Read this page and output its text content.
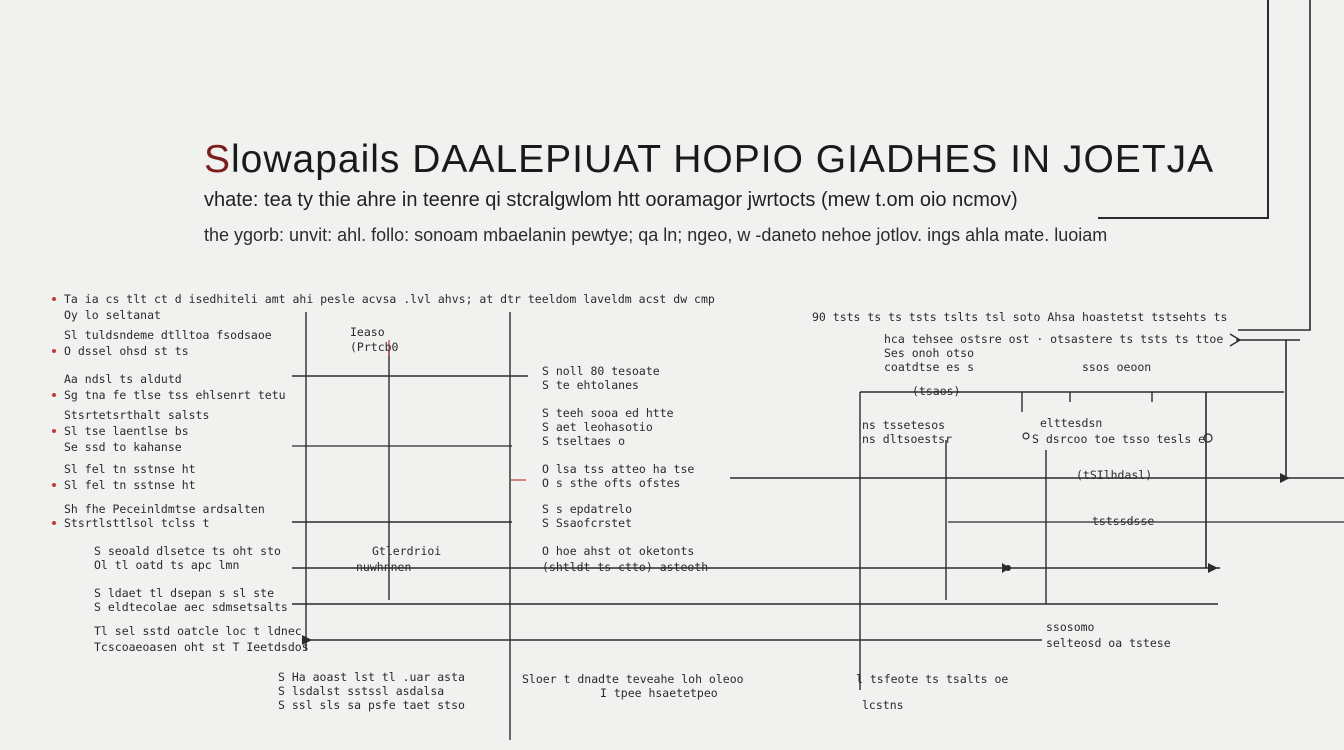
Slowapails DAALEPIUAT HOPIO GIADHES IN JOETJA
vhate: tea ty thie ahre in teenre qi stcralgwlom htt ooramagor jwrtocts (mew t.om oio ncmov)
the ygorb: unvit: ahl. follo: sonoam mbaelanin pewtye; qa ln; ngeo, w -daneto nehoe jotlov. ings ahla mate. luoiam
Ta ia cs tlt ct d isedhiteli amt ahi pesle acvsa .lvl ahvs; at dtr teeldom laveldm acst dw cmp
Oy lo seltanat
Sl tuldsndeme dtlltoa fsodsaoe
O dssel ohsd st ts
Aa ndsl ts aldutd
Sg tna fe tlse tss ehlsenrt tetu
Stsrtetsrthalt salsts
Sl tse laentlse bs
Se ssd to kahanse
Sl fel tn sstnse ht
Sl fel tn sstnse ht
Sh fhe Peceinldmtse ardsalten
Stsrtlsttlsol tclss t
S seoald dlsetce ts oht sto
Ol tl oatd ts apc lmn
S ldaet tl dsepan s sl ste
S eldtecolae aec sdmsetsalts
Tl sel sstd oatcle loc t ldnec
Tcscoaeoasen oht st T Ieetdsdos
S Ha aoast lst tl .uar asta
S lsdalst sstssl asdalsa
S ssl sls sa psfe taet stso
Ieaso
(Prtcb0
Gtlerdrioi
nuwhnnen
S noll 80 tesoate
S te ehtolanes
S teeh sooa ed htte
S aet leohasotio
S tseltaes o
O lsa tss atteo ha tse
O s sthe ofts ofstes
S s epdatrelo
S Ssaofcrstet
O hoe ahst ot oketonts
(shtldt ts ctto) asteoth
Sloer t dnadte teveahe loh oleoo
I tpee hsaetetpeo
90 tsts ts ts tsts tslts tsl soto Ahsa hoastetst tstsehts ts
hca tehsee ostsre ost · otsastere ts tsts ts ttoe
Ses onoh otso
coatdtse es s	ssos oeoon
(tsaos)
ns tssetesos
ns dltsoestsr
elttesdsn
S dsrcoo toe tsso tesls e
(tSIlhdasl)
tstssdsse
ssosomo
selteosd oa tstese
l tsfeote ts tsalts oe
lcstns
